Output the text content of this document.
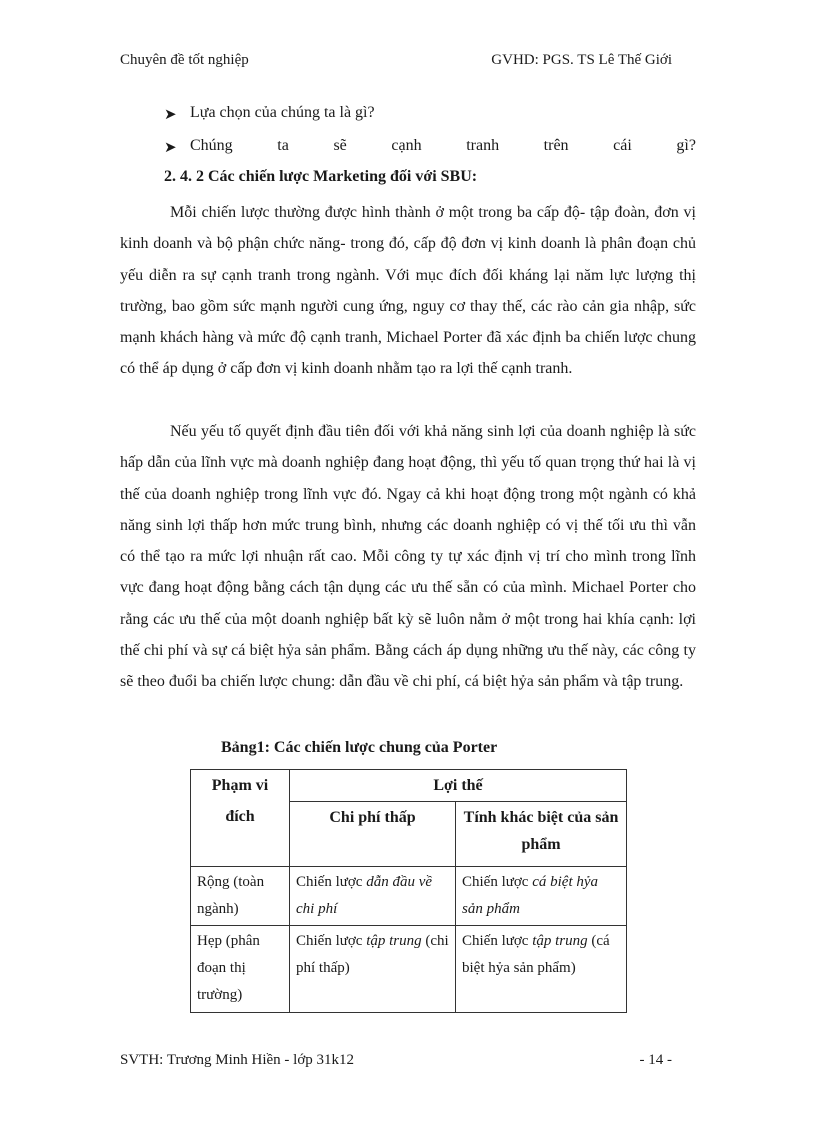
Chuyên đề tốt nghiệp	GVHD: PGS. TS Lê Thế Giới
➤ Lựa chọn của chúng ta là gì?
➤ Chúng	ta	sẽ	cạnh	tranh	trên	cái	gì?
2. 4. 2 Các chiến lược Marketing đối với SBU:

Mỗi chiến lược thường được hình thành ở một trong ba cấp độ- tập đoàn, đơn vị kinh doanh và bộ phận chức năng- trong đó, cấp độ đơn vị kinh doanh là phân đoạn chủ yếu diễn ra sự cạnh tranh trong ngành. Với mục đích đối kháng lại năm lực lượng thị trường, bao gồm sức mạnh người cung ứng, nguy cơ thay thế, các rào cản gia nhập, sức mạnh khách hàng và mức độ cạnh tranh, Michael Porter đã xác định ba chiến lược chung có thể áp dụng ở cấp đơn vị kinh doanh nhằm tạo ra lợi thế cạnh tranh.

Nếu yếu tố quyết định đầu tiên đối với khả năng sinh lợi của doanh nghiệp là sức hấp dẫn của lĩnh vực mà doanh nghiệp đang hoạt động, thì yếu tố quan trọng thứ hai là vị thế của doanh nghiệp trong lĩnh vực đó. Ngay cả khi hoạt động trong một ngành có khả năng sinh lợi thấp hơn mức trung bình, nhưng các doanh nghiệp có vị thế tối ưu thì vẫn có thể tạo ra mức lợi nhuận rất cao. Mỗi công ty tự xác định vị trí cho mình trong lĩnh vực đang hoạt động bằng cách tận dụng các ưu thế sẵn có của mình. Michael Porter cho rằng các ưu thế của một doanh nghiệp bất kỳ sẽ luôn nằm ở một trong hai khía cạnh: lợi thế chi phí và sự cá biệt hỷa sản phẩm. Bằng cách áp dụng những ưu thế này, các công ty sẽ theo đuổi ba chiến lược chung: dẫn đầu về chi phí, cá biệt hỷa sản phẩm và tập trung.

Bảng1: Các chiến lược chung của Porter
Phạm vi
đích	Lợi thế	
	Chi phí thấp	Tính khác biệt của sản phẩm
Rộng (toàn ngành)	Chiến lược dẫn đầu về chi phí	Chiến lược cá biệt hỷa sản phẩm
Hẹp (phân đoạn thị trường)	Chiến lược tập trung (chi phí thấp)	Chiến lược tập trung (cá biệt hỷa sản phẩm)
SVTH: Trương Minh Hiền - lớp 31k12	- 14 -
